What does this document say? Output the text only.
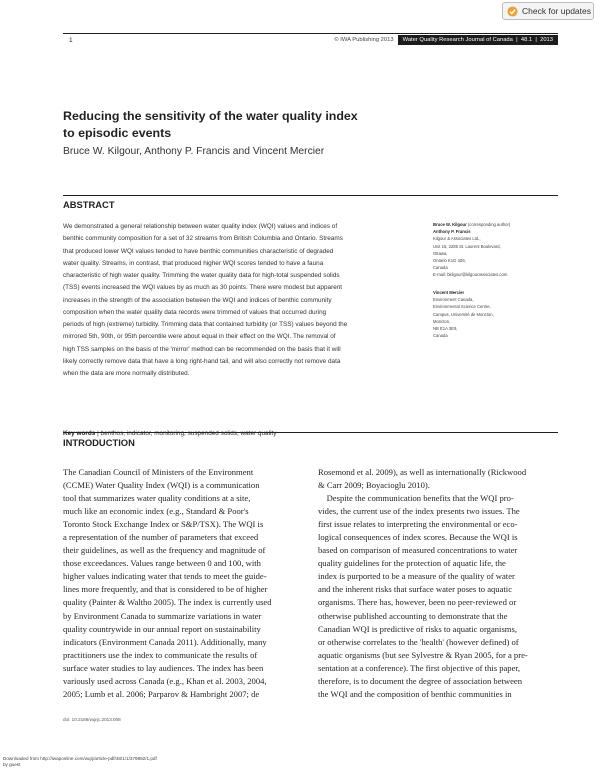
Check for updates
1	© IWA Publishing 2013	Water Quality Research Journal of Canada  |  48.1  |  2013
Reducing the sensitivity of the water quality index
to episodic events
Bruce W. Kilgour, Anthony P. Francis and Vincent Mercier
ABSTRACT
We demonstrated a general relationship between water quality index (WQI) values and indices of
benthic community composition for a set of 32 streams from British Columbia and Ontario. Streams
that produced lower WQI values tended to have benthic communities characteristic of degraded
water quality. Streams, in contrast, that produced higher WQI scores tended to have a fauna
characteristic of high water quality. Trimming the water quality data for high-total suspended solids
(TSS) events increased the WQI values by as much as 30 points. There were modest but apparent
increases in the strength of the association between the WQI and indices of benthic community
composition when the water quality data records were trimmed of values that occurred during
periods of high (extreme) turbidity. Trimming data that contained turbidity (or TSS) values beyond the
mirrored 5th, 90th, or 95th percentile were about equal in their effect on the WQI. The removal of
high TSS samples on the basis of the 'mirror' method can be recommended on the basis that it will
likely correctly remove data that have a long right-hand tail, and will also correctly not remove data
when the data are more normally distributed.
Key words | benthos, indicator, monitoring, suspended solids, water quality
Bruce W. Kilgour (corresponding author)
Anthony P. Francis
Kilgour & Associates Ltd.,
Unit 16, 2285 St. Laurent Boulevard,
Ottawa,
Ontario K1G 4Z6,
Canada
E-mail: bkilgour@kilgourassociates.com
Vincent Mercier
Environment Canada,
Environmental Science Centre,
Campus, Université de Moncton,
Moncton,
NB E1A 3E9,
Canada
INTRODUCTION
The Canadian Council of Ministers of the Environment
(CCME) Water Quality Index (WQI) is a communication
tool that summarizes water quality conditions at a site,
much like an economic index (e.g., Standard & Poor's
Toronto Stock Exchange Index or S&P/TSX). The WQI is
a representation of the number of parameters that exceed
their guidelines, as well as the frequency and magnitude of
those exceedances. Values range between 0 and 100, with
higher values indicating water that tends to meet the guide-
lines more frequently, and that is considered to be of higher
quality (Painter & Waltho 2005). The index is currently used
by Environment Canada to summarize variations in water
quality countrywide in our annual report on sustainability
indicators (Environment Canada 2011). Additionally, many
practitioners use the index to communicate the results of
surface water studies to lay audiences. The index has been
variously used across Canada (e.g., Khan et al. 2003, 2004,
2005; Lumb et al. 2006; Parparov & Hambright 2007; de
Rosemond et al. 2009), as well as internationally (Rickwood
& Carr 2009; Boyacioglu 2010).
Despite the communication benefits that the WQI pro-
vides, the current use of the index presents two issues. The
first issue relates to interpreting the environmental or eco-
logical consequences of index scores. Because the WQI is
based on comparison of measured concentrations to water
quality guidelines for the protection of aquatic life, the
index is purported to be a measure of the quality of water
and the inherent risks that surface water poses to aquatic
organisms. There has, however, been no peer-reviewed or
otherwise published accounting to demonstrate that the
Canadian WQI is predictive of risks to aquatic organisms,
or otherwise correlates to the 'health' (however defined) of
aquatic organisms (but see Sylvestre & Ryan 2005, for a pre-
sentation at a conference). The first objective of this paper,
therefore, is to document the degree of association between
the WQI and the composition of benthic communities in
doi: 10.2166/wqrjc.2013.008
Downloaded from http://iwaponline.com/wqrj/article-pdf/48/1/1/379892/1.pdf
by guest
